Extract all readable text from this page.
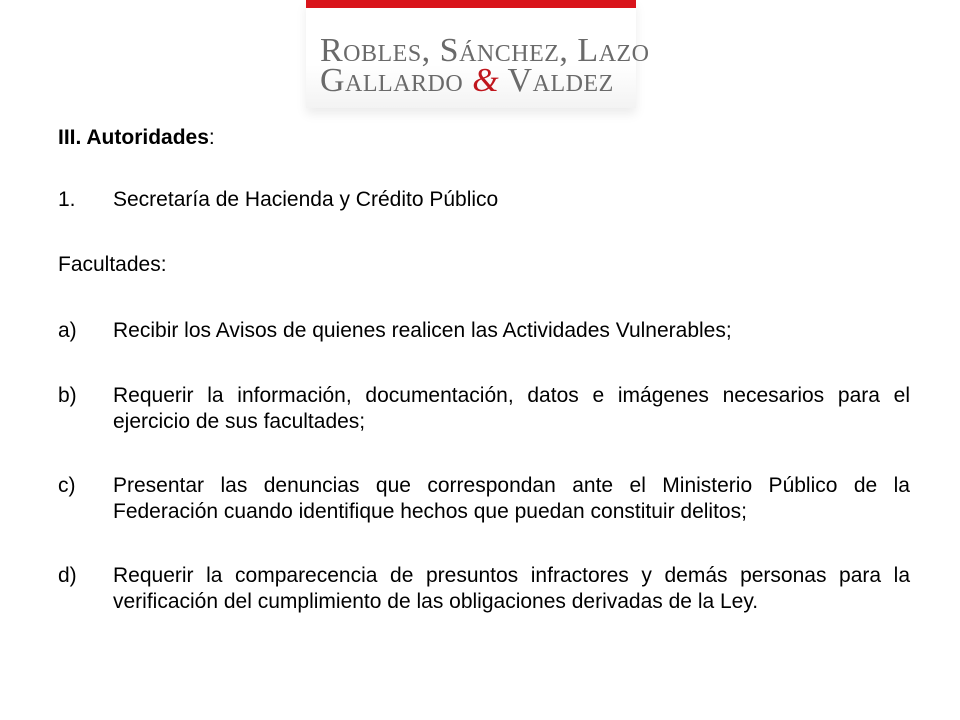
Robles, Sánchez, Lazo
Gallardo & Valdez
III. Autoridades:
1.	Secretaría de Hacienda y Crédito Público
Facultades:
a)	Recibir los Avisos de quienes realicen las Actividades Vulnerables;
b)	Requerir la información, documentación, datos e imágenes necesarios para el ejercicio de sus facultades;
c)	Presentar las denuncias que correspondan ante el Ministerio Público de la Federación cuando identifique hechos que puedan constituir delitos;
d)	Requerir la comparecencia de presuntos infractores y demás personas para la verificación del cumplimiento de las obligaciones derivadas de la Ley.
